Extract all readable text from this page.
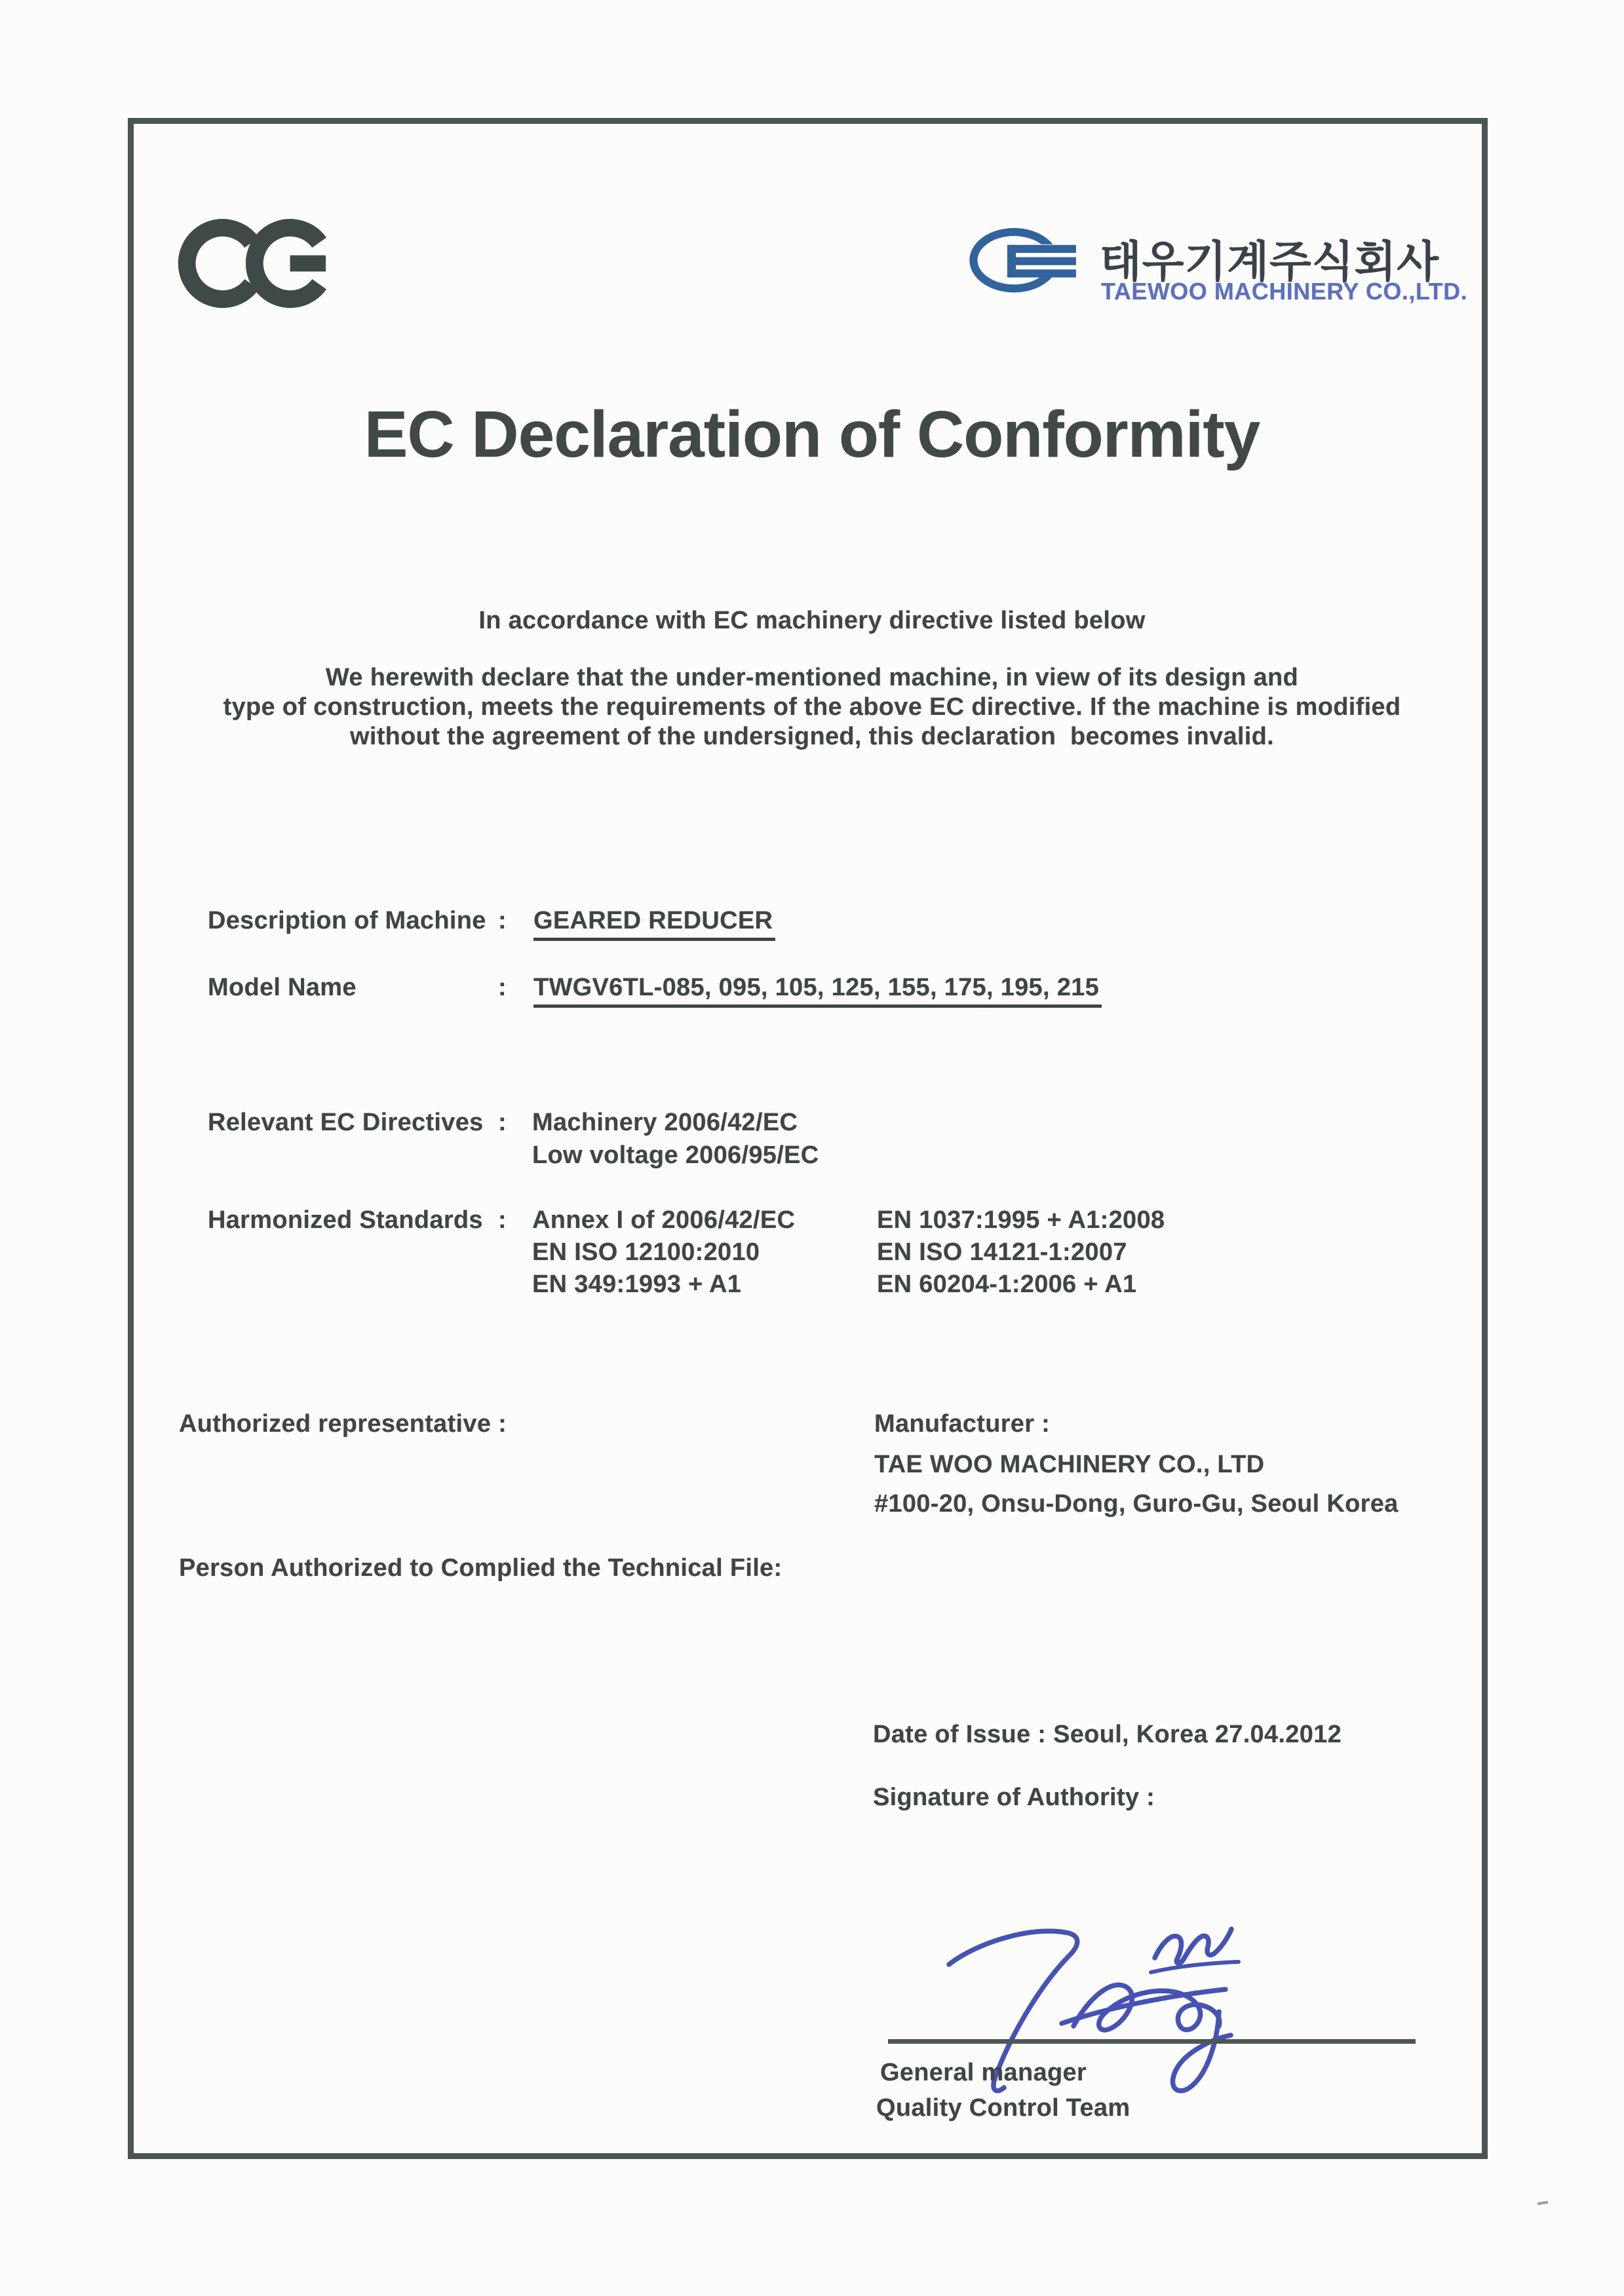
태우기계주식회사
TAEWOO MACHINERY CO.,LTD.
EC Declaration of Conformity
In accordance with EC machinery directive listed below
We herewith declare that the under-mentioned machine, in view of its design and
type of construction, meets the requirements of the above EC directive. If the machine is modified
without the agreement of the undersigned, this declaration  becomes invalid.
Description of Machine : GEARED REDUCER
Model Name	: TWGV6TL-085, 095, 105, 125, 155, 175, 195, 215
Relevant EC Directives : Machinery 2006/42/EC
Low voltage 2006/95/EC
Harmonized Standards : Annex I of 2006/42/EC
EN ISO 12100:2010
EN 349:1993 + A1
EN 1037:1995 + A1:2008
EN ISO 14121-1:2007
EN 60204-1:2006 + A1
Authorized representative :	Manufacturer :
TAE WOO MACHINERY CO., LTD
#100-20, Onsu-Dong, Guro-Gu, Seoul Korea
Person Authorized to Complied the Technical File:
Date of Issue : Seoul, Korea 27.04.2012
Signature of Authority :
General manager
Quality Control Team
